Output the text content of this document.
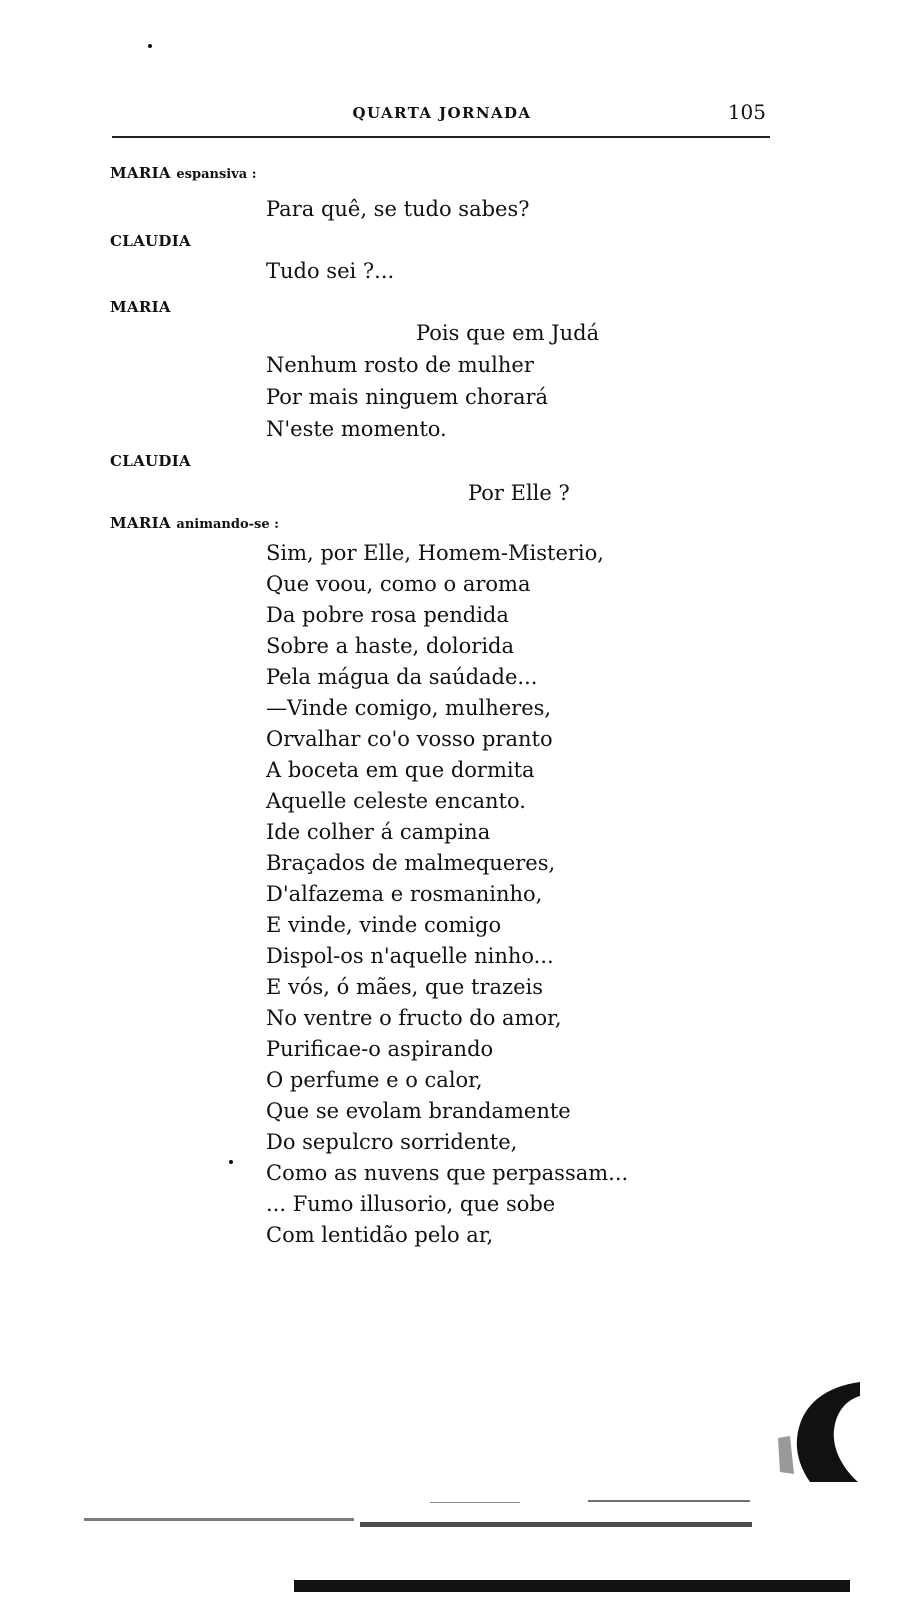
QUARTA JORNADA	105
MARIA espansiva :
Para quê, se tudo sabes?
CLAUDIA
Tudo sei ?...
MARIA
Pois que em Judá
Nenhum rosto de mulher
Por mais ninguem chorará
N'este momento.
CLAUDIA
Por Elle ?
MARIA animando-se :
Sim, por Elle, Homem-Misterio,
Que voou, como o aroma
Da pobre rosa pendida
Sobre a haste, dolorida
Pela mágua da saúdade...
—Vinde comigo, mulheres,
Orvalhar co'o vosso pranto
A boceta em que dormita
Aquelle celeste encanto.
Ide colher á campina
Braçados de malmequeres,
D'alfazema e rosmaninho,
E vinde, vinde comigo
Dispol-os n'aquelle ninho...
E vós, ó mães, que trazeis
No ventre o fructo do amor,
Purificae-o aspirando
O perfume e o calor,
Que se evolam brandamente
Do sepulcro sorridente,
Como as nuvens que perpassam...
... Fumo illusorio, que sobe
Com lentidão pelo ar,
